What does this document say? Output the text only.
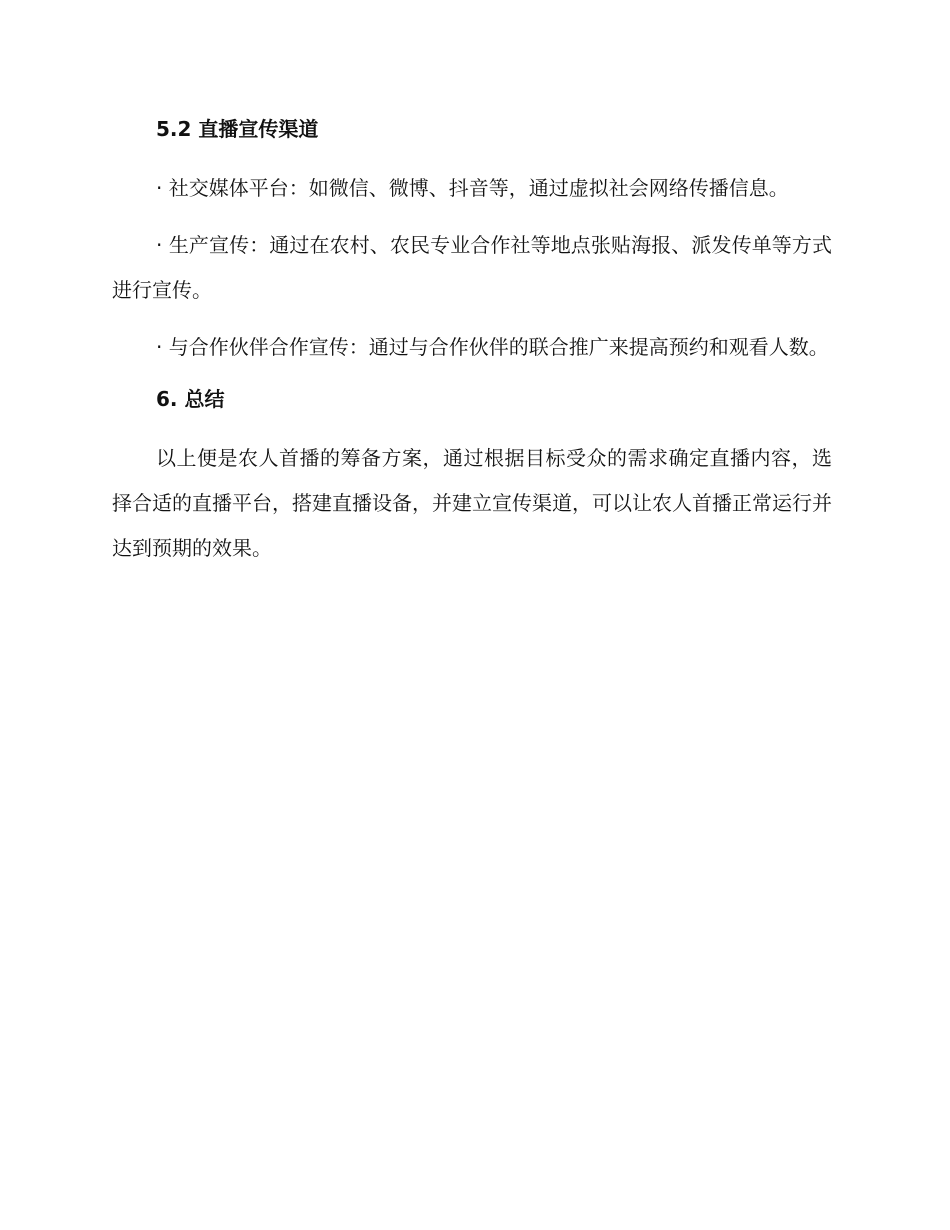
5.2 直播宣传渠道

· 社交媒体平台：如微信、微博、抖音等，通过虚拟社会网络传播信息。

· 生产宣传：通过在农村、农民专业合作社等地点张贴海报、派发传单等方式进行宣传。

· 与合作伙伴合作宣传：通过与合作伙伴的联合推广来提高预约和观看人数。

6. 总结

以上便是农人首播的筹备方案，通过根据目标受众的需求确定直播内容，选择合适的直播平台，搭建直播设备，并建立宣传渠道，可以让农人首播正常运行并达到预期的效果。
